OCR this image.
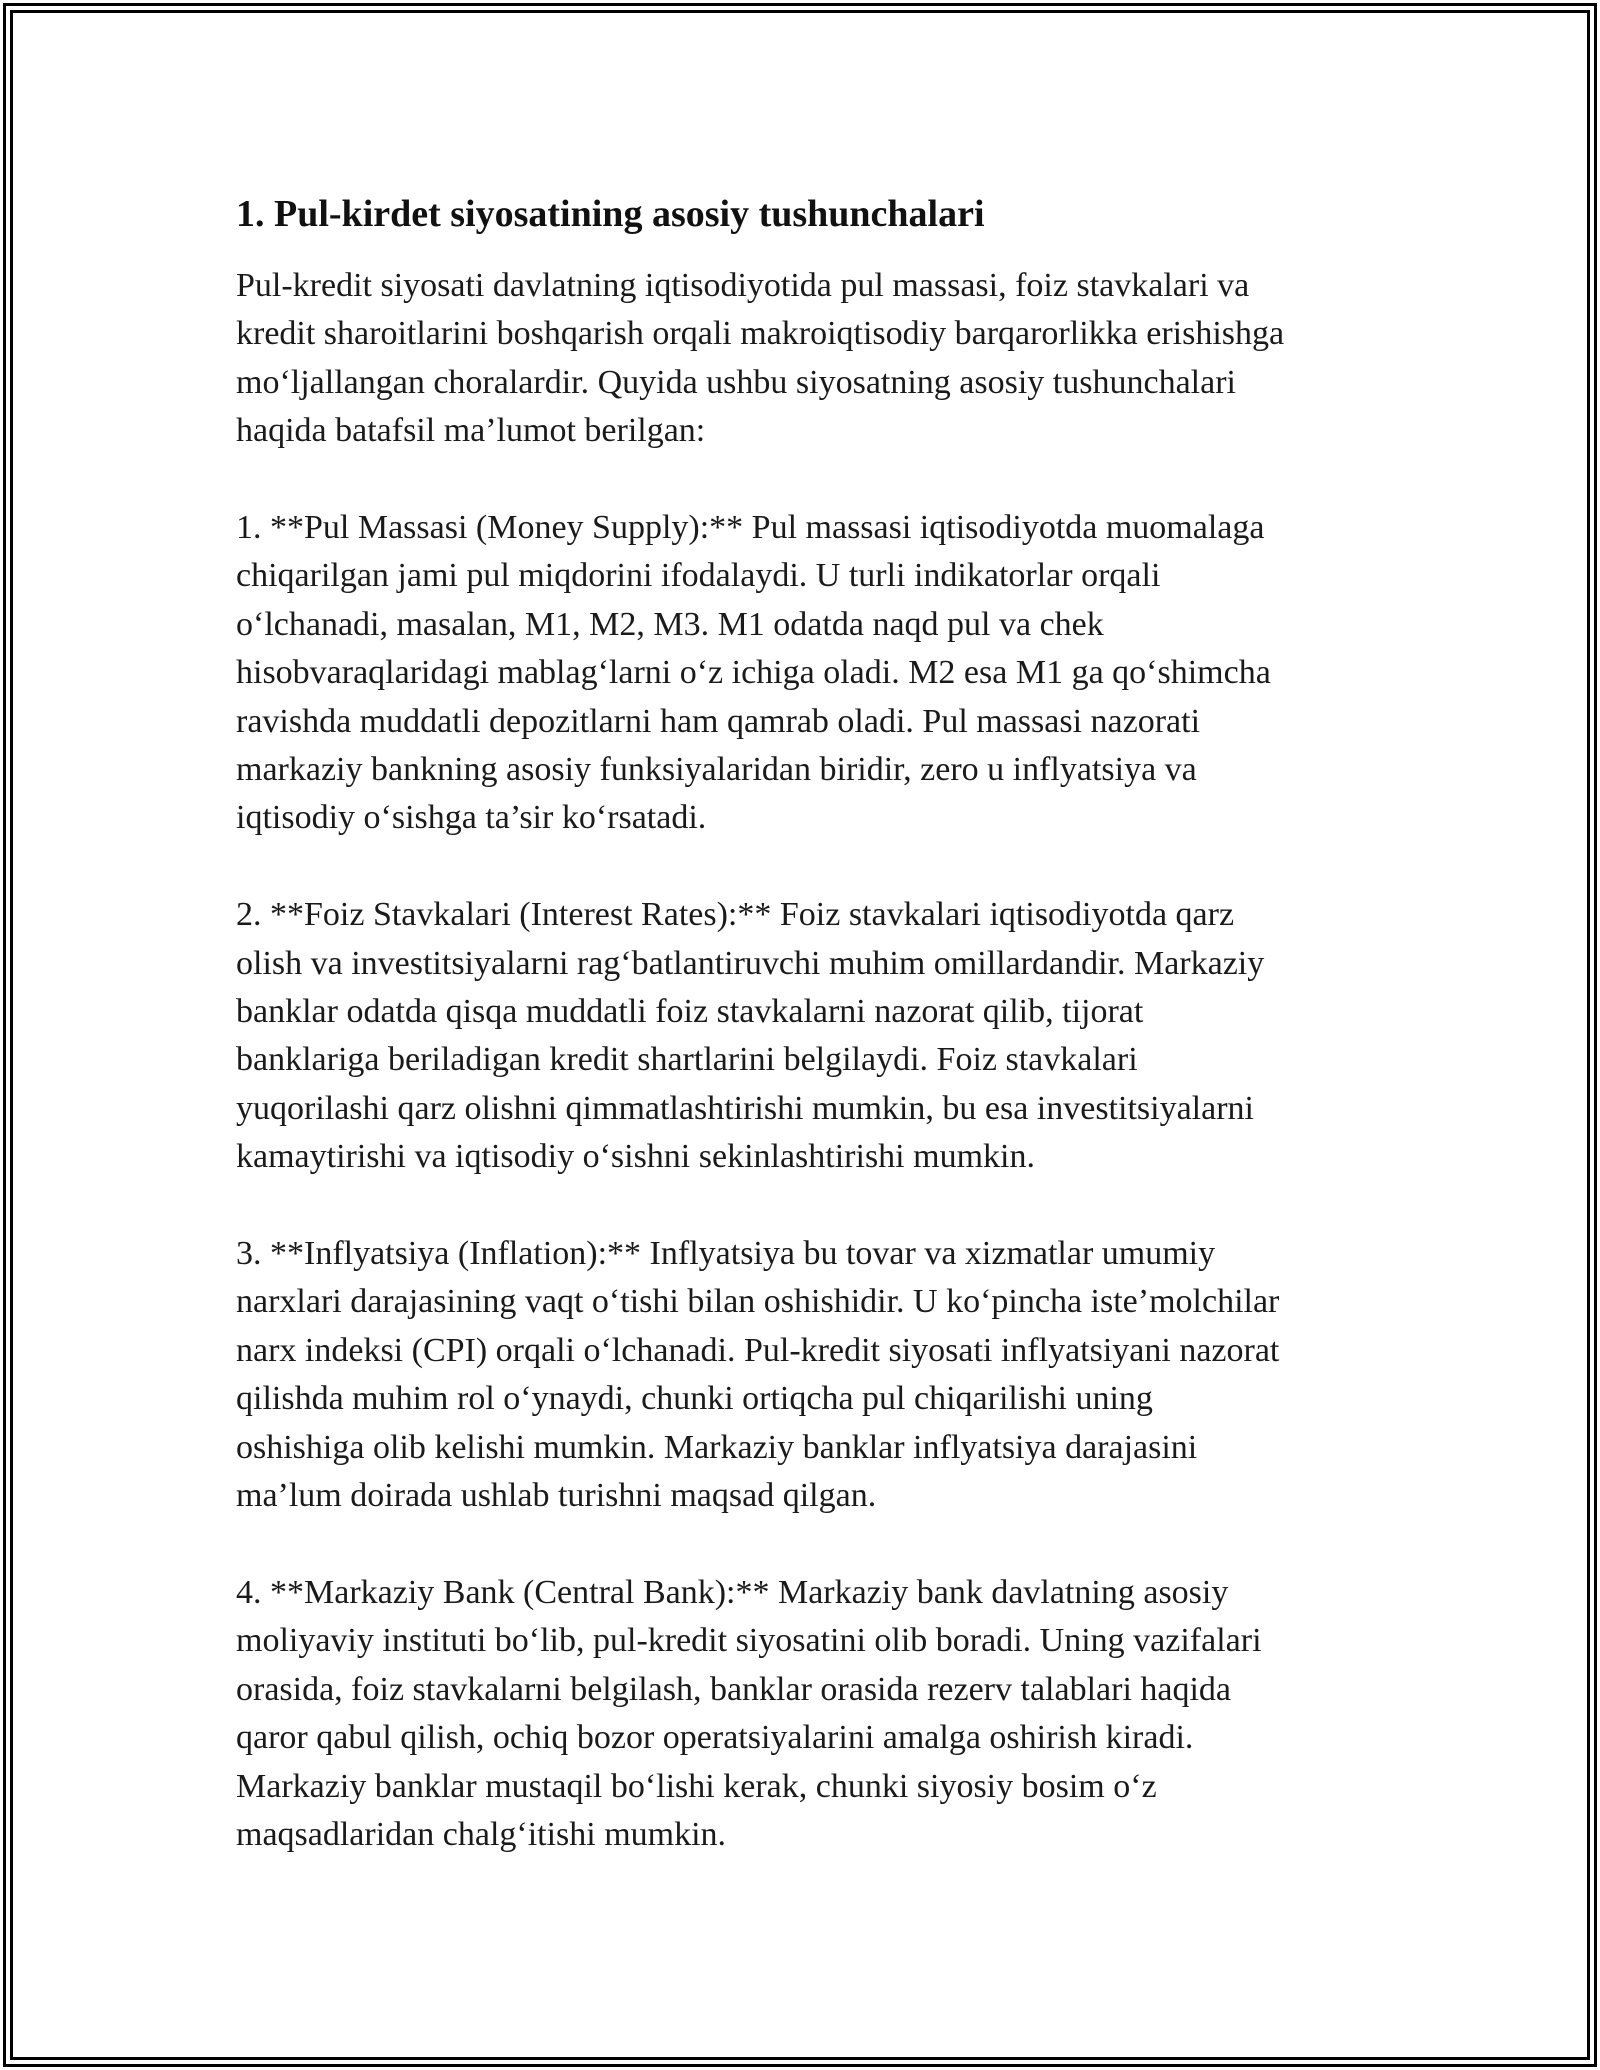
1. Pul-kirdet siyosatining asosiy tushunchalari

Pul-kredit siyosati davlatning iqtisodiyotida pul massasi, foiz stavkalari va
kredit sharoitlarini boshqarish orqali makroiqtisodiy barqarorlikka erishishga
mo‘ljallangan choralardir. Quyida ushbu siyosatning asosiy tushunchalari
haqida batafsil ma’lumot berilgan:

1. **Pul Massasi (Money Supply):** Pul massasi iqtisodiyotda muomalaga
chiqarilgan jami pul miqdorini ifodalaydi. U turli indikatorlar orqali
o‘lchanadi, masalan, M1, M2, M3. M1 odatda naqd pul va chek
hisobvaraqlaridagi mablag‘larni o‘z ichiga oladi. M2 esa M1 ga qo‘shimcha
ravishda muddatli depozitlarni ham qamrab oladi. Pul massasi nazorati
markaziy bankning asosiy funksiyalaridan biridir, zero u inflyatsiya va
iqtisodiy o‘sishga ta’sir ko‘rsatadi.

2. **Foiz Stavkalari (Interest Rates):** Foiz stavkalari iqtisodiyotda qarz
olish va investitsiyalarni rag‘batlantiruvchi muhim omillardandir. Markaziy
banklar odatda qisqa muddatli foiz stavkalarni nazorat qilib, tijorat
banklariga beriladigan kredit shartlarini belgilaydi. Foiz stavkalari
yuqorilashi qarz olishni qimmatlashtirishi mumkin, bu esa investitsiyalarni
kamaytirishi va iqtisodiy o‘sishni sekinlashtirishi mumkin.

3. **Inflyatsiya (Inflation):** Inflyatsiya bu tovar va xizmatlar umumiy
narxlari darajasining vaqt o‘tishi bilan oshishidir. U ko‘pincha iste’molchilar
narx indeksi (CPI) orqali o‘lchanadi. Pul-kredit siyosati inflyatsiyani nazorat
qilishda muhim rol o‘ynaydi, chunki ortiqcha pul chiqarilishi uning
oshishiga olib kelishi mumkin. Markaziy banklar inflyatsiya darajasini
ma’lum doirada ushlab turishni maqsad qilgan.

4. **Markaziy Bank (Central Bank):** Markaziy bank davlatning asosiy
moliyaviy instituti bo‘lib, pul-kredit siyosatini olib boradi. Uning vazifalari
orasida, foiz stavkalarni belgilash, banklar orasida rezerv talablari haqida
qaror qabul qilish, ochiq bozor operatsiyalarini amalga oshirish kiradi.
Markaziy banklar mustaqil bo‘lishi kerak, chunki siyosiy bosim o‘z
maqsadlaridan chalg‘itishi mumkin.
